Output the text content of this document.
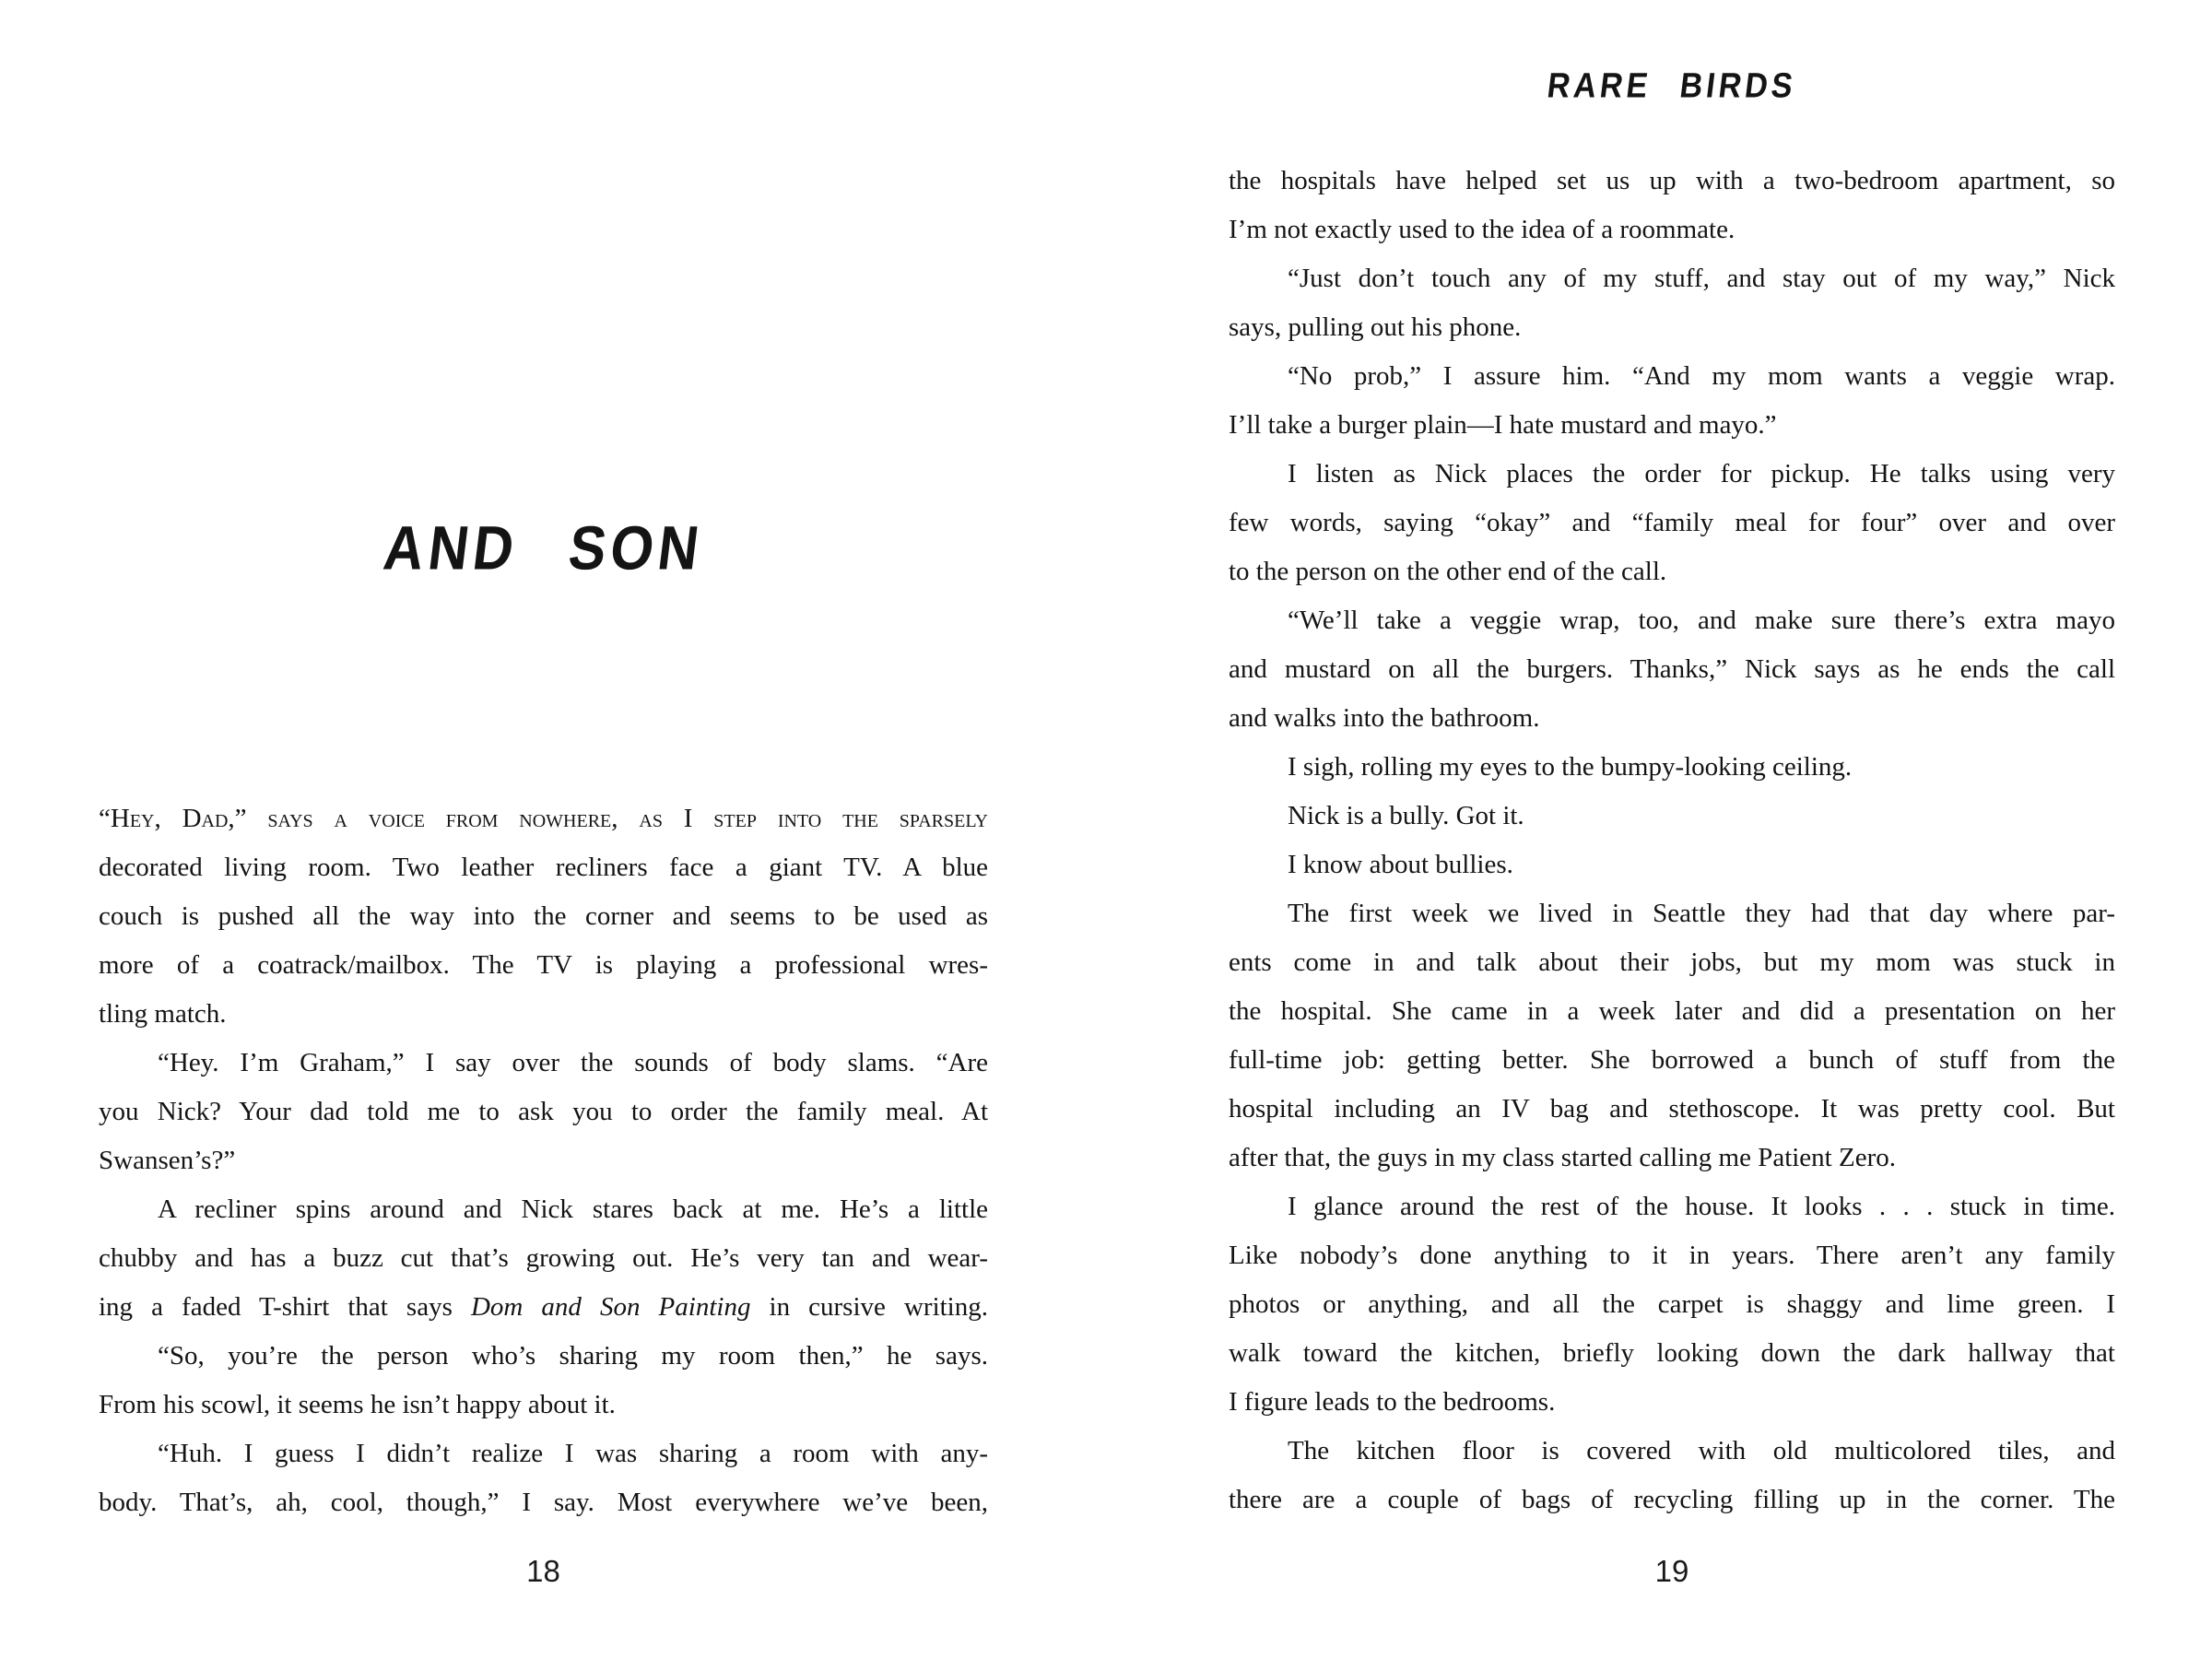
RARE BIRDS
AND SON
“Hey, Dad,” says a voice from nowhere, as I step into the sparsely
decorated living room. Two leather recliners face a giant TV. A blue
couch is pushed all the way into the corner and seems to be used as
more of a coatrack/mailbox. The TV is playing a professional wres-
tling match.
“Hey. I’m Graham,” I say over the sounds of body slams. “Are
you Nick? Your dad told me to ask you to order the family meal. At
Swansen’s?”
A recliner spins around and Nick stares back at me. He’s a little
chubby and has a buzz cut that’s growing out. He’s very tan and wear-
ing a faded T-shirt that says Dom and Son Painting in cursive writing.
“So, you’re the person who’s sharing my room then,” he says.
From his scowl, it seems he isn’t happy about it.
“Huh. I guess I didn’t realize I was sharing a room with any-
body. That’s, ah, cool, though,” I say. Most everywhere we’ve been,
the hospitals have helped set us up with a two-bedroom apartment, so
I’m not exactly used to the idea of a roommate.
“Just don’t touch any of my stuff, and stay out of my way,” Nick
says, pulling out his phone.
“No prob,” I assure him. “And my mom wants a veggie wrap.
I’ll take a burger plain—I hate mustard and mayo.”
I listen as Nick places the order for pickup. He talks using very
few words, saying “okay” and “family meal for four” over and over
to the person on the other end of the call.
“We’ll take a veggie wrap, too, and make sure there’s extra mayo
and mustard on all the burgers. Thanks,” Nick says as he ends the call
and walks into the bathroom.
I sigh, rolling my eyes to the bumpy-looking ceiling.
Nick is a bully. Got it.
I know about bullies.
The first week we lived in Seattle they had that day where par-
ents come in and talk about their jobs, but my mom was stuck in
the hospital. She came in a week later and did a presentation on her
full-time job: getting better. She borrowed a bunch of stuff from the
hospital including an IV bag and stethoscope. It was pretty cool. But
after that, the guys in my class started calling me Patient Zero.
I glance around the rest of the house. It looks . . . stuck in time.
Like nobody’s done anything to it in years. There aren’t any family
photos or anything, and all the carpet is shaggy and lime green. I
walk toward the kitchen, briefly looking down the dark hallway that
I figure leads to the bedrooms.
The kitchen floor is covered with old multicolored tiles, and
there are a couple of bags of recycling filling up in the corner. The
18	19
